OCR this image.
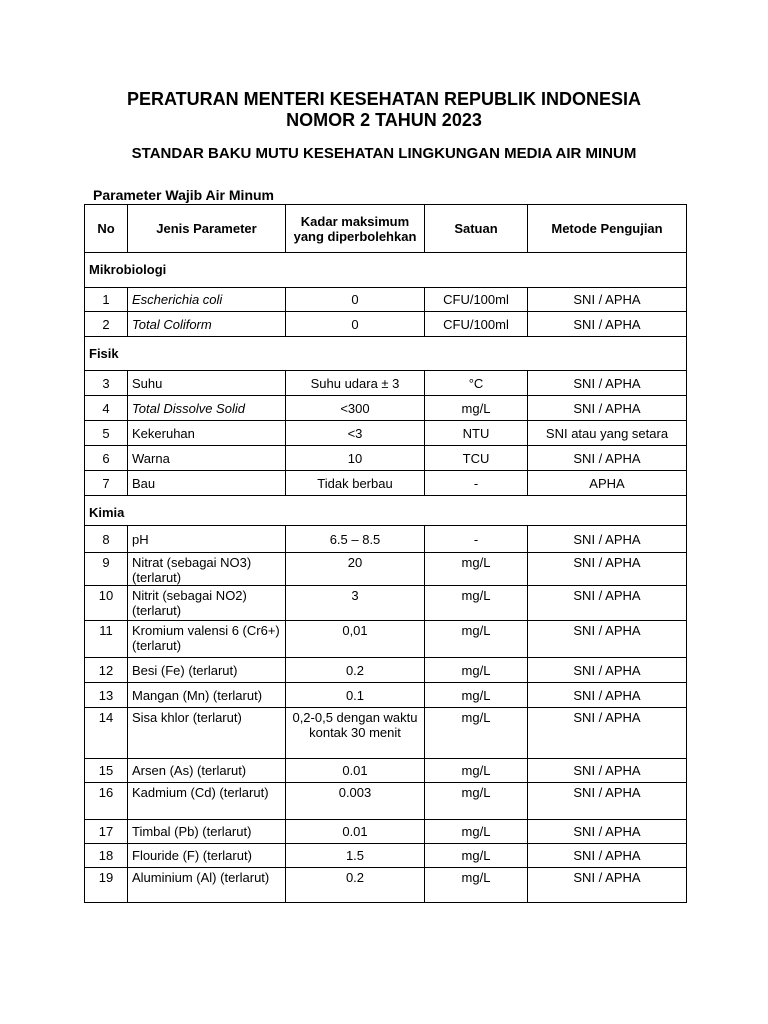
PERATURAN MENTERI KESEHATAN REPUBLIK INDONESIA
NOMOR 2 TAHUN 2023
STANDAR BAKU MUTU KESEHATAN LINGKUNGAN MEDIA AIR MINUM

Parameter Wajib Air Minum

No	Jenis Parameter	Kadar maksimum yang diperbolehkan	Satuan	Metode Pengujian
Mikrobiologi				
1	Escherichia coli	0	CFU/100ml	SNI / APHA
2	Total Coliform	0	CFU/100ml	SNI / APHA
Fisik				
3	Suhu	Suhu udara ± 3	°C	SNI / APHA
4	Total Dissolve Solid	<300	mg/L	SNI / APHA
5	Kekeruhan	<3	NTU	SNI atau yang setara
6	Warna	10	TCU	SNI / APHA
7	Bau	Tidak berbau	-	APHA
Kimia				
8	pH	6.5 – 8.5	-	SNI / APHA
9	Nitrat (sebagai NO3) (terlarut)	20	mg/L	SNI / APHA
10	Nitrit (sebagai NO2) (terlarut)	3	mg/L	SNI / APHA
11	Kromium valensi 6 (Cr6+) (terlarut)	0,01	mg/L	SNI / APHA
12	Besi (Fe) (terlarut)	0.2	mg/L	SNI / APHA
13	Mangan (Mn) (terlarut)	0.1	mg/L	SNI / APHA
14	Sisa khlor (terlarut)	0,2-0,5 dengan waktu kontak 30 menit	mg/L	SNI / APHA
15	Arsen (As) (terlarut)	0.01	mg/L	SNI / APHA
16	Kadmium (Cd) (terlarut)	0.003	mg/L	SNI / APHA
17	Timbal (Pb) (terlarut)	0.01	mg/L	SNI / APHA
18	Flouride (F) (terlarut)	1.5	mg/L	SNI / APHA
19	Aluminium (Al) (terlarut)	0.2	mg/L	SNI / APHA
